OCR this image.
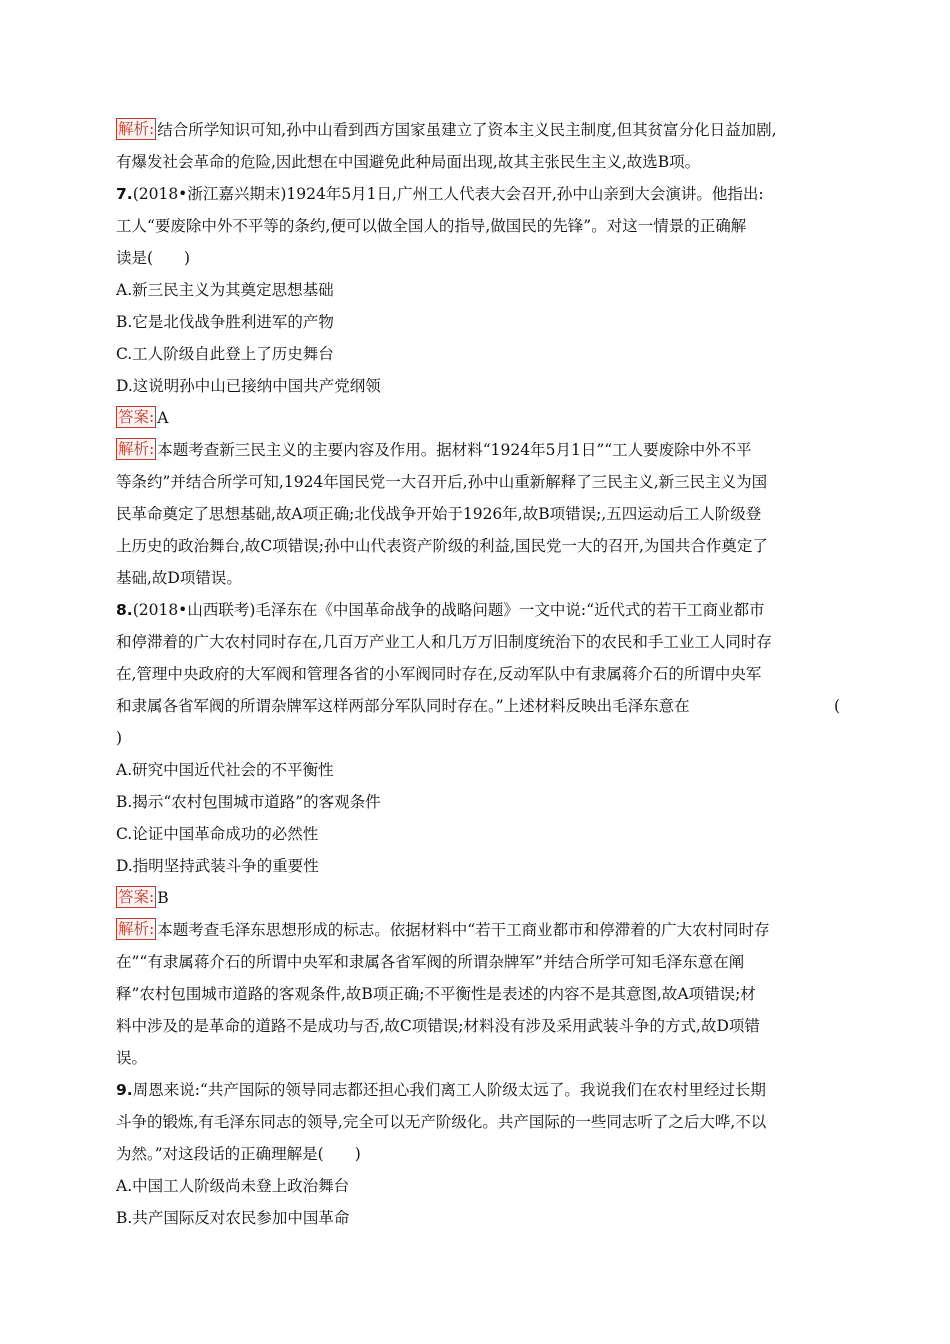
解析: 结合所学知识可知,孙中山看到西方国家虽建立了资本主义民主制度,但其贫富分化日益加剧,
有爆发社会革命的危险,因此想在中国避免此种局面出现,故其主张民生主义,故选B项。
7.(2018•浙江嘉兴期末)1924年5月1日,广州工人代表大会召开,孙中山亲到大会演讲。他指出:
工人“要废除中外不平等的条约,便可以做全国人的指导,做国民的先锋”。对这一情景的正确解
读是(　　)
A.新三民主义为其奠定思想基础
B.它是北伐战争胜利进军的产物
C.工人阶级自此登上了历史舞台
D.这说明孙中山已接纳中国共产党纲领
答案: A
解析: 本题考查新三民主义的主要内容及作用。据材料“1924年5月1日”“工人要废除中外不平
等条约”并结合所学可知,1924年国民党一大召开后,孙中山重新解释了三民主义,新三民主义为国
民革命奠定了思想基础,故A项正确;北伐战争开始于1926年,故B项错误;,五四运动后工人阶级登
上历史的政治舞台,故C项错误;孙中山代表资产阶级的利益,国民党一大的召开,为国共合作奠定了
基础,故D项错误。
8.(2018•山西联考)毛泽东在《中国革命战争的战略问题》一文中说:“近代式的若干工商业都市
和停滞着的广大农村同时存在,几百万产业工人和几万万旧制度统治下的农民和手工业工人同时存
在,管理中央政府的大军阀和管理各省的小军阀同时存在,反动军队中有隶属蒋介石的所谓中央军
和隶属各省军阀的所谓杂牌军这样两部分军队同时存在。”上述材料反映出毛泽东意在	(
)
A.研究中国近代社会的不平衡性
B.揭示“农村包围城市道路”的客观条件
C.论证中国革命成功的必然性
D.指明坚持武装斗争的重要性
答案: B
解析: 本题考查毛泽东思想形成的标志。依据材料中“若干工商业都市和停滞着的广大农村同时存
在”“有隶属蒋介石的所谓中央军和隶属各省军阀的所谓杂牌军”并结合所学可知毛泽东意在阐
释”农村包围城市道路的客观条件,故B项正确;不平衡性是表述的内容不是其意图,故A项错误;材
料中涉及的是革命的道路不是成功与否,故C项错误;材料没有涉及采用武装斗争的方式,故D项错
误。
9.周恩来说:“共产国际的领导同志都还担心我们离工人阶级太远了。我说我们在农村里经过长期
斗争的锻炼,有毛泽东同志的领导,完全可以无产阶级化。共产国际的一些同志听了之后大哗,不以
为然。”对这段话的正确理解是(　　)
A.中国工人阶级尚未登上政治舞台
B.共产国际反对农民参加中国革命
